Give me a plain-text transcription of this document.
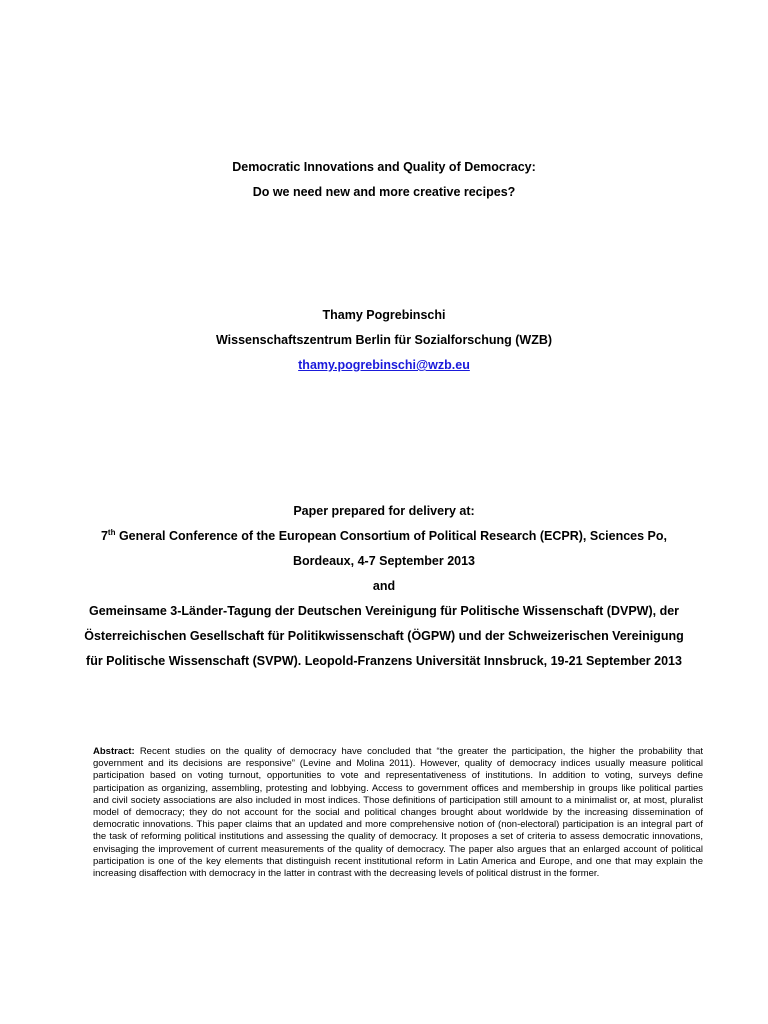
Democratic Innovations and Quality of Democracy:
Do we need new and more creative recipes?
Thamy Pogrebinschi
Wissenschaftszentrum Berlin für Sozialforschung (WZB)
thamy.pogrebinschi@wzb.eu
Paper prepared for delivery at:
7th General Conference of the European Consortium of Political Research (ECPR), Sciences Po,
Bordeaux, 4-7 September 2013
and
Gemeinsame 3-Länder-Tagung der Deutschen Vereinigung für Politische Wissenschaft (DVPW), der
Österreichischen Gesellschaft für Politikwissenschaft (ÖGPW) und der Schweizerischen Vereinigung
für Politische Wissenschaft (SVPW). Leopold-Franzens Universität Innsbruck, 19-21 September 2013
Abstract: Recent studies on the quality of democracy have concluded that “the greater the participation, the higher the probability that government and its decisions are responsive” (Levine and Molina 2011). However, quality of democracy indices usually measure political participation based on voting turnout, opportunities to vote and representativeness of institutions. In addition to voting, surveys define participation as organizing, assembling, protesting and lobbying. Access to government offices and membership in groups like political parties and civil society associations are also included in most indices. Those definitions of participation still amount to a minimalist or, at most, pluralist model of democracy; they do not account for the social and political changes brought about worldwide by the increasing dissemination of democratic innovations. This paper claims that an updated and more comprehensive notion of (non-electoral) participation is an integral part of the task of reforming political institutions and assessing the quality of democracy. It proposes a set of criteria to assess democratic innovations, envisaging the improvement of current measurements of the quality of democracy. The paper also argues that an enlarged account of political participation is one of the key elements that distinguish recent institutional reform in Latin America and Europe, and one that may explain the increasing disaffection with democracy in the latter in contrast with the decreasing levels of political distrust in the former.
